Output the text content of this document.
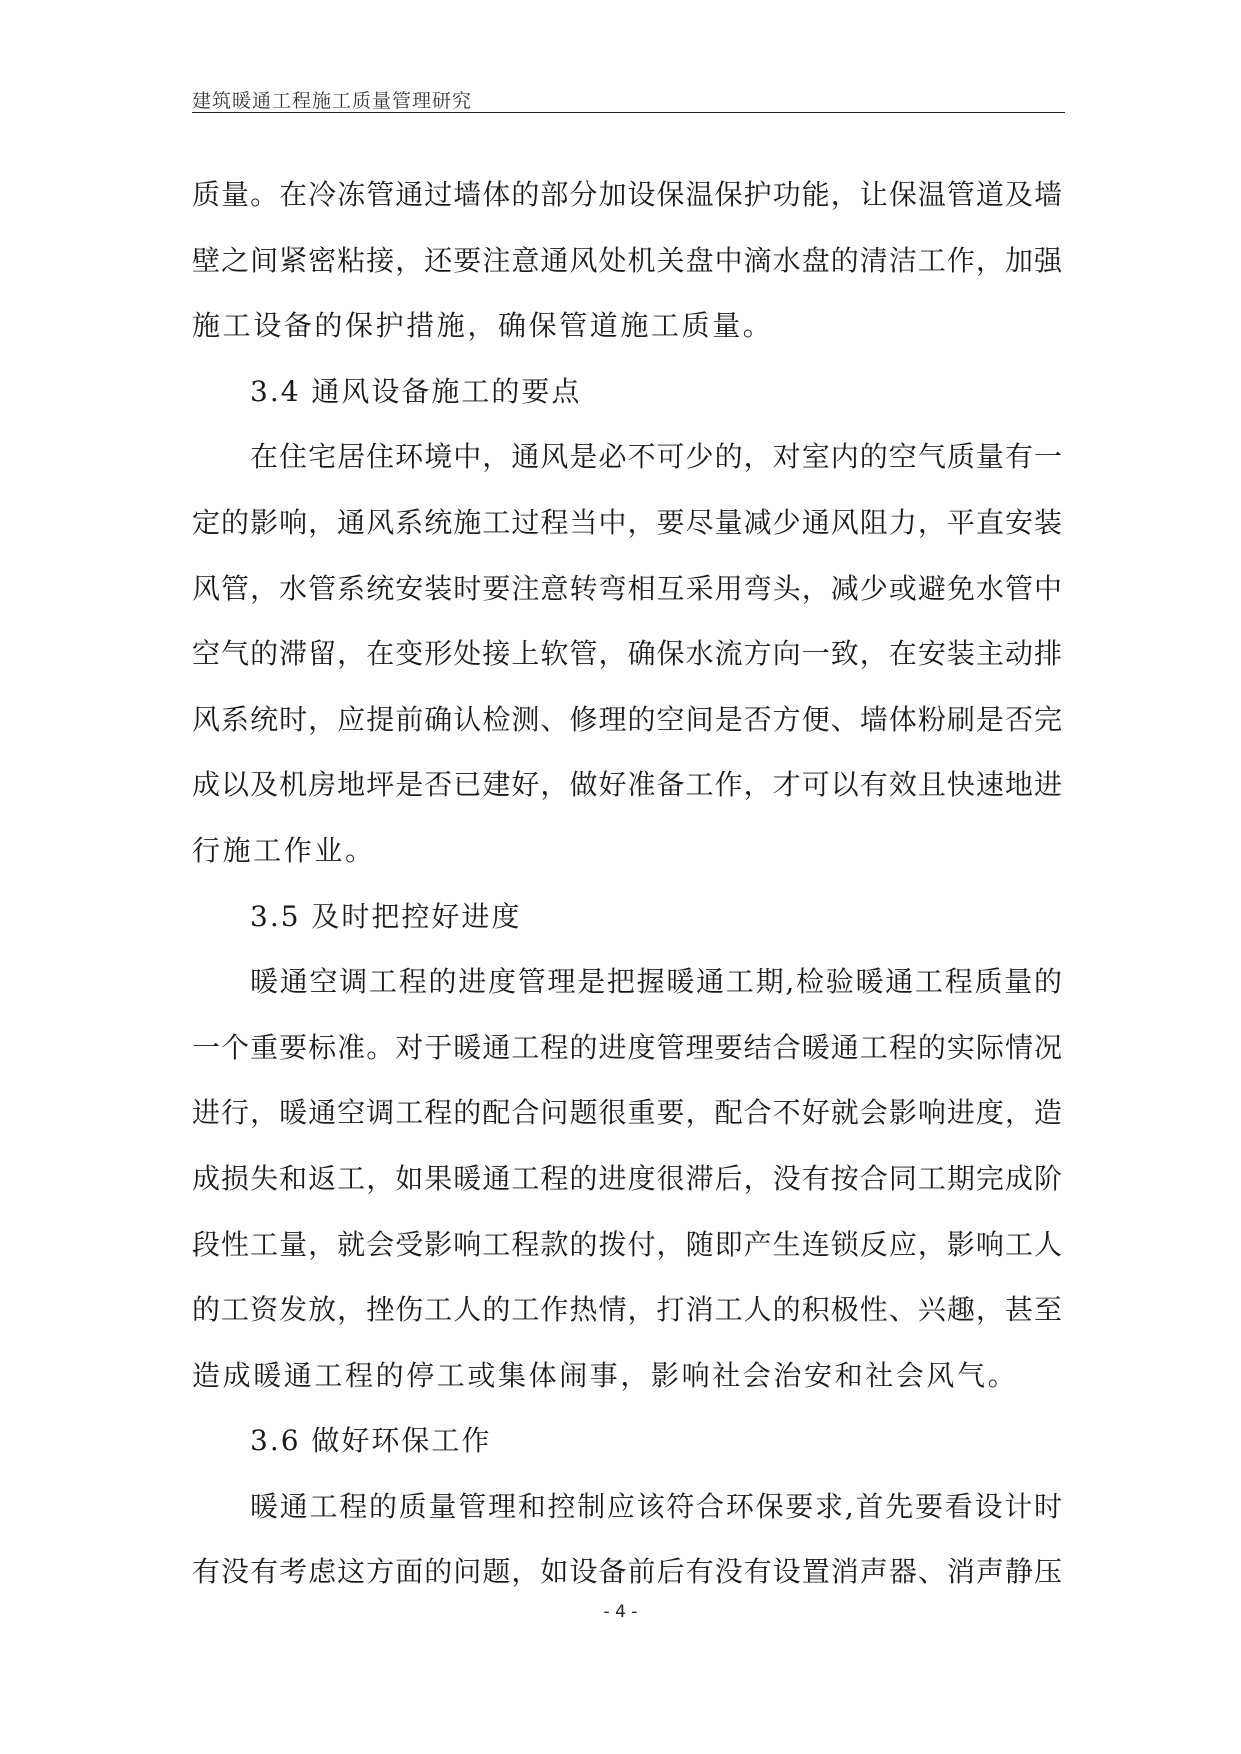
建筑暖通工程施工质量管理研究
质量。在冷冻管通过墙体的部分加设保温保护功能，让保温管道及墙
壁之间紧密粘接，还要注意通风处机关盘中滴水盘的清洁工作，加强
施工设备的保护措施，确保管道施工质量。
3.4 通风设备施工的要点
在住宅居住环境中，通风是必不可少的，对室内的空气质量有一
定的影响，通风系统施工过程当中，要尽量减少通风阻力，平直安装
风管，水管系统安装时要注意转弯相互采用弯头，减少或避免水管中
空气的滞留，在变形处接上软管，确保水流方向一致，在安装主动排
风系统时，应提前确认检测、修理的空间是否方便、墙体粉刷是否完
成以及机房地坪是否已建好，做好准备工作，才可以有效且快速地进
行施工作业。
3.5 及时把控好进度
暖通空调工程的进度管理是把握暖通工期,检验暖通工程质量的
一个重要标准。对于暖通工程的进度管理要结合暖通工程的实际情况
进行，暖通空调工程的配合问题很重要，配合不好就会影响进度，造
成损失和返工，如果暖通工程的进度很滞后，没有按合同工期完成阶
段性工量，就会受影响工程款的拨付，随即产生连锁反应，影响工人
的工资发放，挫伤工人的工作热情，打消工人的积极性、兴趣，甚至
造成暖通工程的停工或集体闹事，影响社会治安和社会风气。
3.6 做好环保工作
暖通工程的质量管理和控制应该符合环保要求,首先要看设计时
有没有考虑这方面的问题，如设备前后有没有设置消声器、消声静压
- 4 -
